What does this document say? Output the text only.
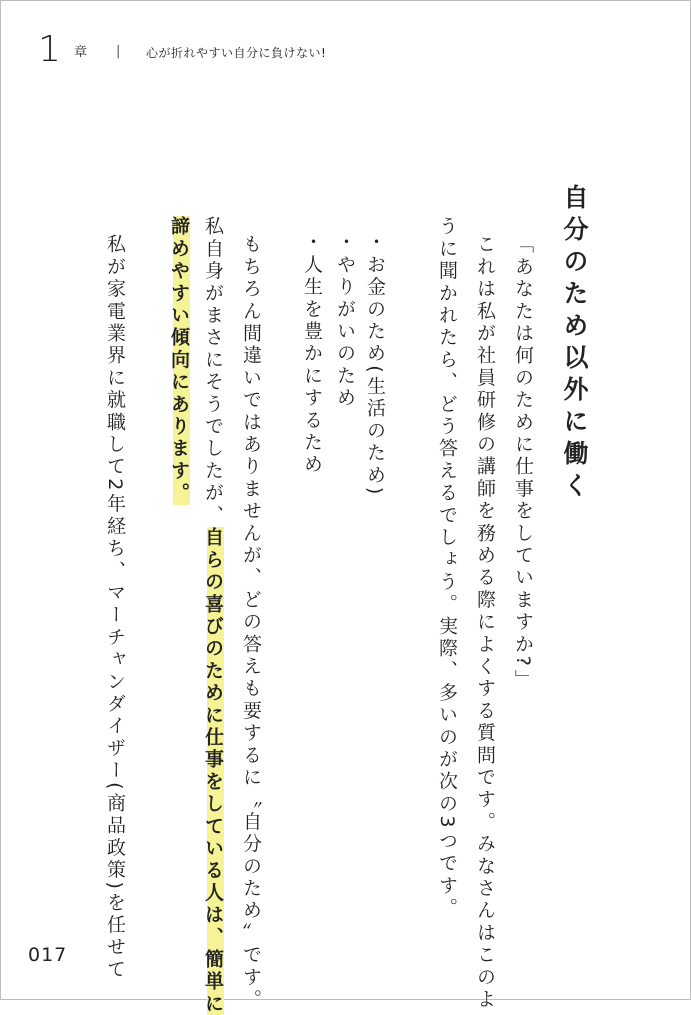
1 章 | 心が折れやすい自分に負けない!
自分のため以外に働く
「あなたは何のために仕事をしていますか?」
これは私が社員研修の講師を務める際によくする質問です。みなさんはこのよ
うに聞かれたら、どう答えるでしょう。実際、多いのが次の3つです。
・お金のため(生活のため)
・やりがいのため
・人生を豊かにするため
もちろん間違いではありませんが、どの答えも要するに〝自分のため〟です。
私自身がまさにそうでしたが、自らの喜びのために仕事をしている人は、簡単に
諦めやすい傾向にあります。
私が家電業界に就職して2年経ち、マーチャンダイザー(商品政策)を任せて
017
